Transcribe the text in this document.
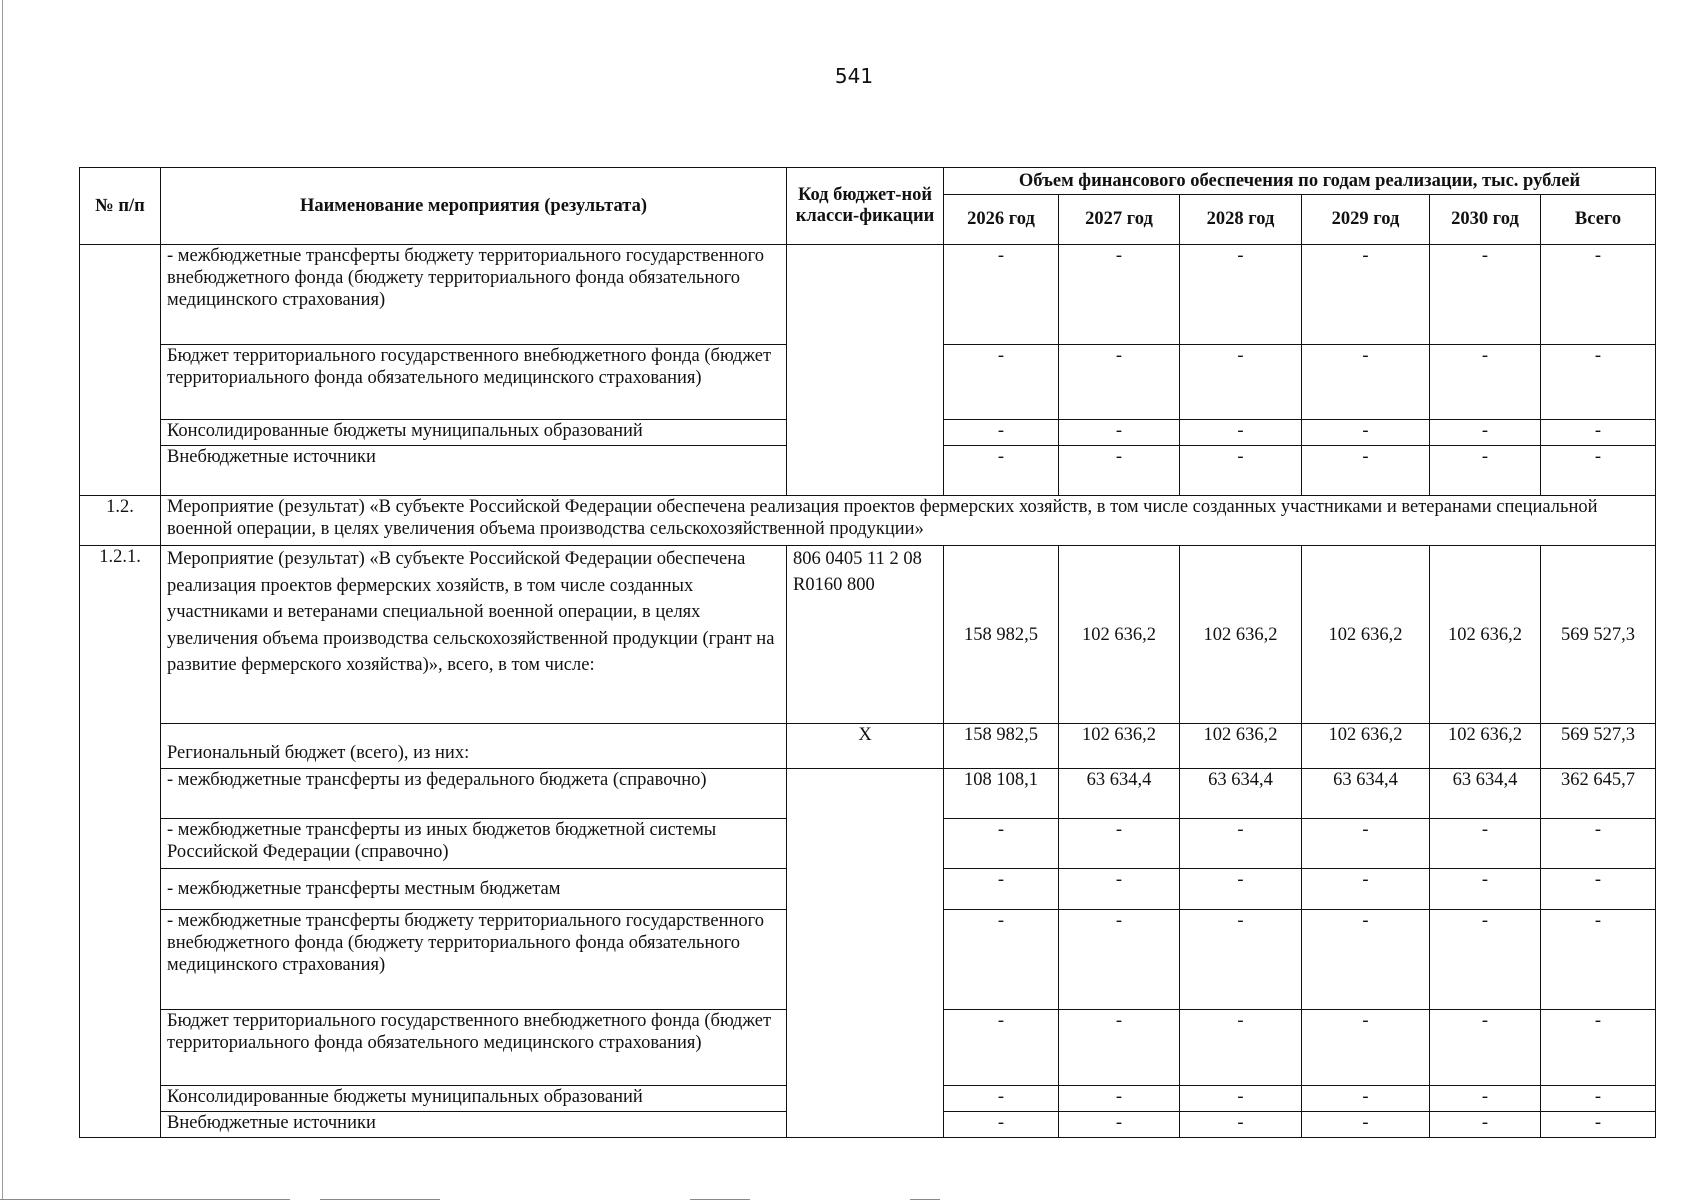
541
№ п/п	Наименование мероприятия (результата)	Код бюджет-ной класси-фикации	Объем финансового обеспечения по годам реализации, тыс. рублей					
			2026 год	2027 год	2028 год	2029 год	2030 год	Всего
	- межбюджетные трансферты бюджету территориального государственного внебюджетного фонда (бюджету территориального фонда обязательного медицинского страхования)		-	-	-	-	-	-
	Бюджет территориального государственного внебюджетного фонда (бюджет территориального фонда обязательного медицинского страхования)		-	-	-	-	-	-
	Консолидированные бюджеты муниципальных образований		-	-	-	-	-	-
	Внебюджетные источники		-	-	-	-	-	-
1.2.	Мероприятие (результат) «В субъекте Российской Федерации обеспечена реализация проектов фермерских хозяйств, в том числе созданных участниками и ветеранами специальной военной операции, в целях увеличения объема производства сельскохозяйственной продукции»							
1.2.1.	Мероприятие (результат) «В субъекте Российской Федерации обеспечена реализация проектов фермерских хозяйств, в том числе созданных участниками и ветеранами специальной военной операции, в целях увеличения объема производства сельскохозяйственной продукции (грант на развитие фермерского хозяйства)», всего, в том числе:	806 0405 11 2 08 R0160 800	158 982,5	102 636,2	102 636,2	102 636,2	102 636,2	569 527,3
	Региональный бюджет (всего), из них:	X	158 982,5	102 636,2	102 636,2	102 636,2	102 636,2	569 527,3
	- межбюджетные трансферты из федерального бюджета (справочно)		108 108,1	63 634,4	63 634,4	63 634,4	63 634,4	362 645,7
	- межбюджетные трансферты из иных бюджетов бюджетной системы Российской Федерации (справочно)		-	-	-	-	-	-
	- межбюджетные трансферты местным бюджетам		-	-	-	-	-	-
	- межбюджетные трансферты бюджету территориального государственного внебюджетного фонда (бюджету территориального фонда обязательного медицинского страхования)		-	-	-	-	-	-
	Бюджет территориального государственного внебюджетного фонда (бюджет территориального фонда обязательного медицинского страхования)		-	-	-	-	-	-
	Консолидированные бюджеты муниципальных образований		-	-	-	-	-	-
	Внебюджетные источники		-	-	-	-	-	-
